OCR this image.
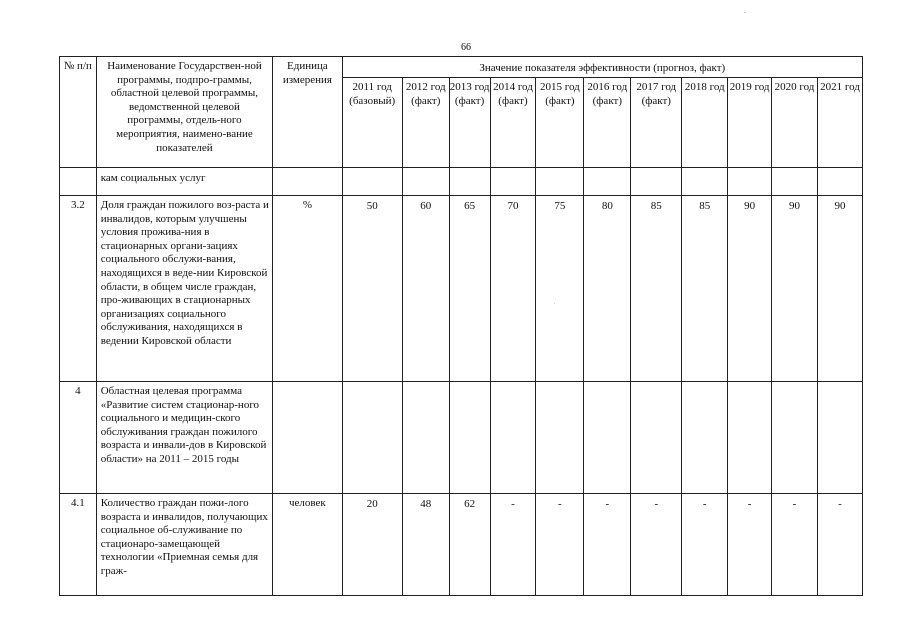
66
№ п/п	Наименование Государствен-ной программы, подпро-граммы, областной целевой программы, ведомственной целевой программы, отдель-ного мероприятия, наимено-вание показателей	Единица измерения	Значение показателя эффективности (прогноз, факт)										
			2011 год (базовый)	2012 год (факт)	2013 год (факт)	2014 год (факт)	2015 год (факт)	2016 год (факт)	2017 год (факт)	2018 год	2019 год	2020 год	2021 год
	кам социальных услуг												
3.2	Доля граждан пожилого воз-раста и инвалидов, которым улучшены условия прожива-ния в стационарных органи-зациях социального обслужи-вания, находящихся в веде-нии Кировской области, в общем числе граждан, про-живающих в стационарных организациях социального обслуживания, находящихся в ведении Кировской области	%	50	60	65	70	75	80	85	85	90	90	90
4	Областная целевая программа «Развитие систем стационар-ного социального и медицин-ского обслуживания граждан пожилого возраста и инвали-дов в Кировской области» на 2011 – 2015 годы												
4.1	Количество граждан пожи-лого возраста и инвалидов, получающих социальное об-служивание по стационаро-замещающей технологии «Приемная семья для граж-	человек	20	48	62	-	-	-	-	-	-	-	-
